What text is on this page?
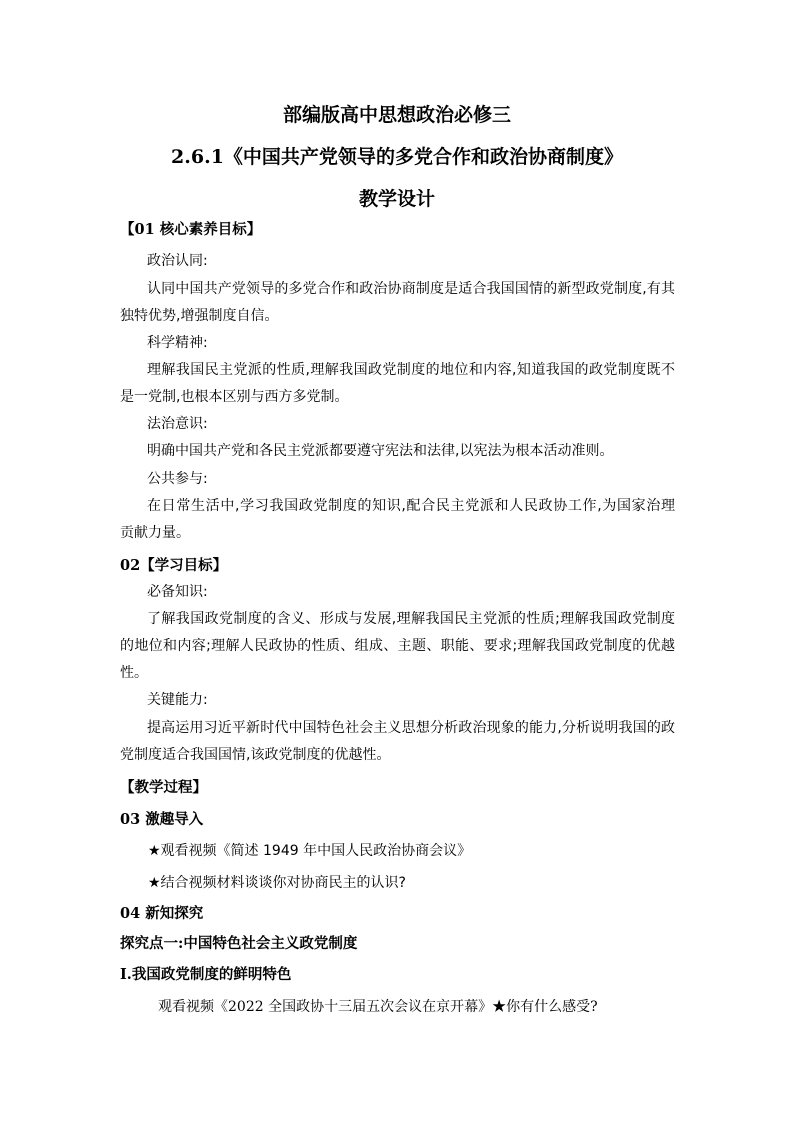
部编版高中思想政治必修三
2.6.1《中国共产党领导的多党合作和政治协商制度》
教学设计
【01 核心素养目标】
政治认同:
认同中国共产党领导的多党合作和政治协商制度是适合我国国情的新型政党制度,有其
独特优势,增强制度自信。
科学精神:
理解我国民主党派的性质,理解我国政党制度的地位和内容,知道我国的政党制度既不
是一党制,也根本区别与西方多党制。
法治意识:
明确中国共产党和各民主党派都要遵守宪法和法律,以宪法为根本活动准则。
公共参与:
在日常生活中,学习我国政党制度的知识,配合民主党派和人民政协工作,为国家治理
贡献力量。
02【学习目标】
必备知识:
了解我国政党制度的含义、形成与发展,理解我国民主党派的性质;理解我国政党制度
的地位和内容;理解人民政协的性质、组成、主题、职能、要求;理解我国政党制度的优越
性。
关键能力:
提高运用习近平新时代中国特色社会主义思想分析政治现象的能力,分析说明我国的政
党制度适合我国国情,该政党制度的优越性。
【教学过程】
03 激趣导入
★观看视频《简述 1949 年中国人民政治协商会议》
★结合视频材料谈谈你对协商民主的认识?
04 新知探究
探究点一:中国特色社会主义政党制度
Ⅰ.我国政党制度的鲜明特色
观看视频《2022 全国政协十三届五次会议在京开幕》★你有什么感受?
